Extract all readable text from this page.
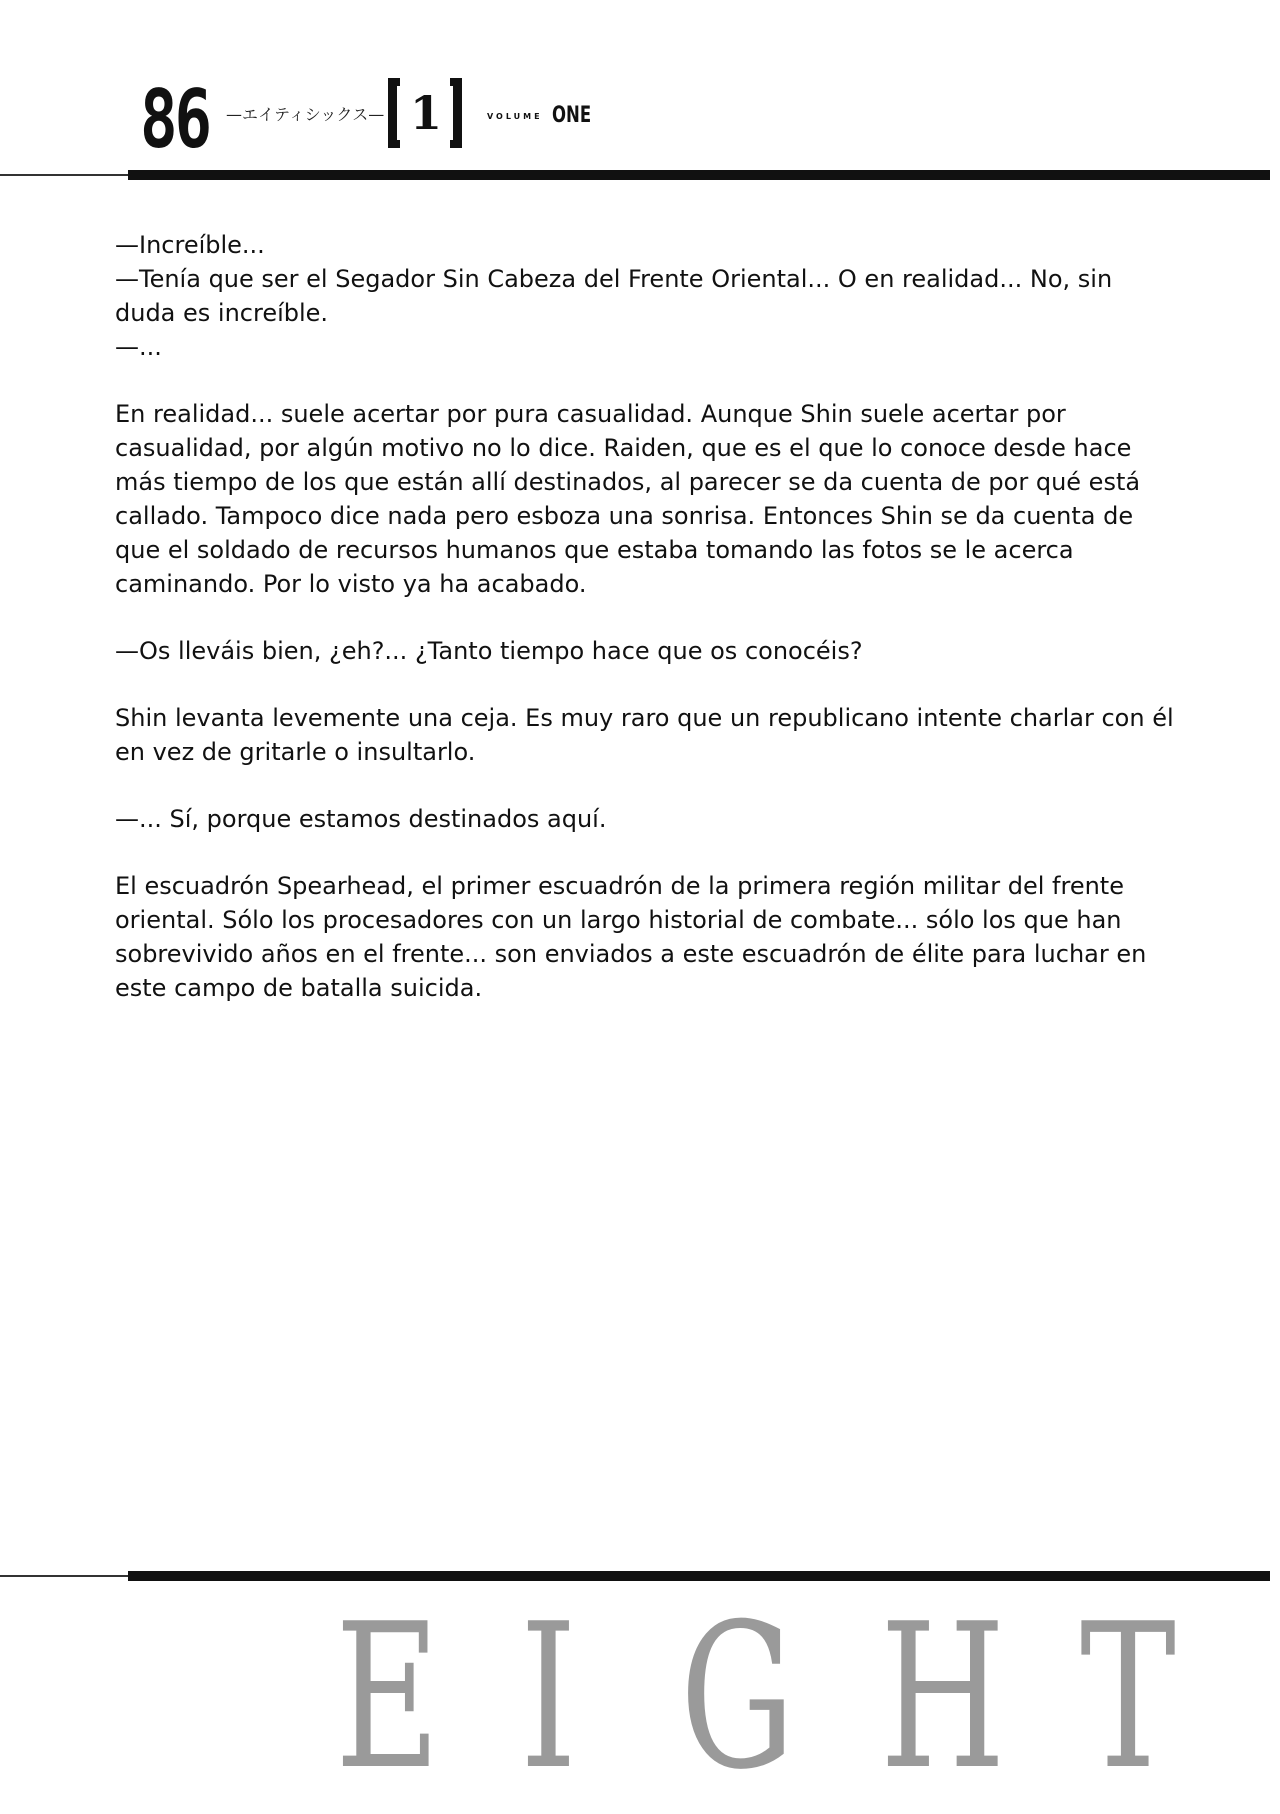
86 —エイティシックス— 1	VOLUME ONE

—Increíble...
—Tenía que ser el Segador Sin Cabeza del Frente Oriental... O en realidad... No, sin duda es increíble.
—...

En realidad... suele acertar por pura casualidad. Aunque Shin suele acertar por casualidad, por algún motivo no lo dice. Raiden, que es el que lo conoce desde hace más tiempo de los que están allí destinados, al parecer se da cuenta de por qué está callado. Tampoco dice nada pero esboza una sonrisa. Entonces Shin se da cuenta de que el soldado de recursos humanos que estaba tomando las fotos se le acerca caminando. Por lo visto ya ha acabado.

—Os lleváis bien, ¿eh?... ¿Tanto tiempo hace que os conocéis?

Shin levanta levemente una ceja. Es muy raro que un republicano intente charlar con él en vez de gritarle o insultarlo.

—... Sí, porque estamos destinados aquí.

El escuadrón Spearhead, el primer escuadrón de la primera región militar del frente oriental. Sólo los procesadores con un largo historial de combate... sólo los que han sobrevivido años en el frente... son enviados a este escuadrón de élite para luchar en este campo de batalla suicida.

E I G H T
